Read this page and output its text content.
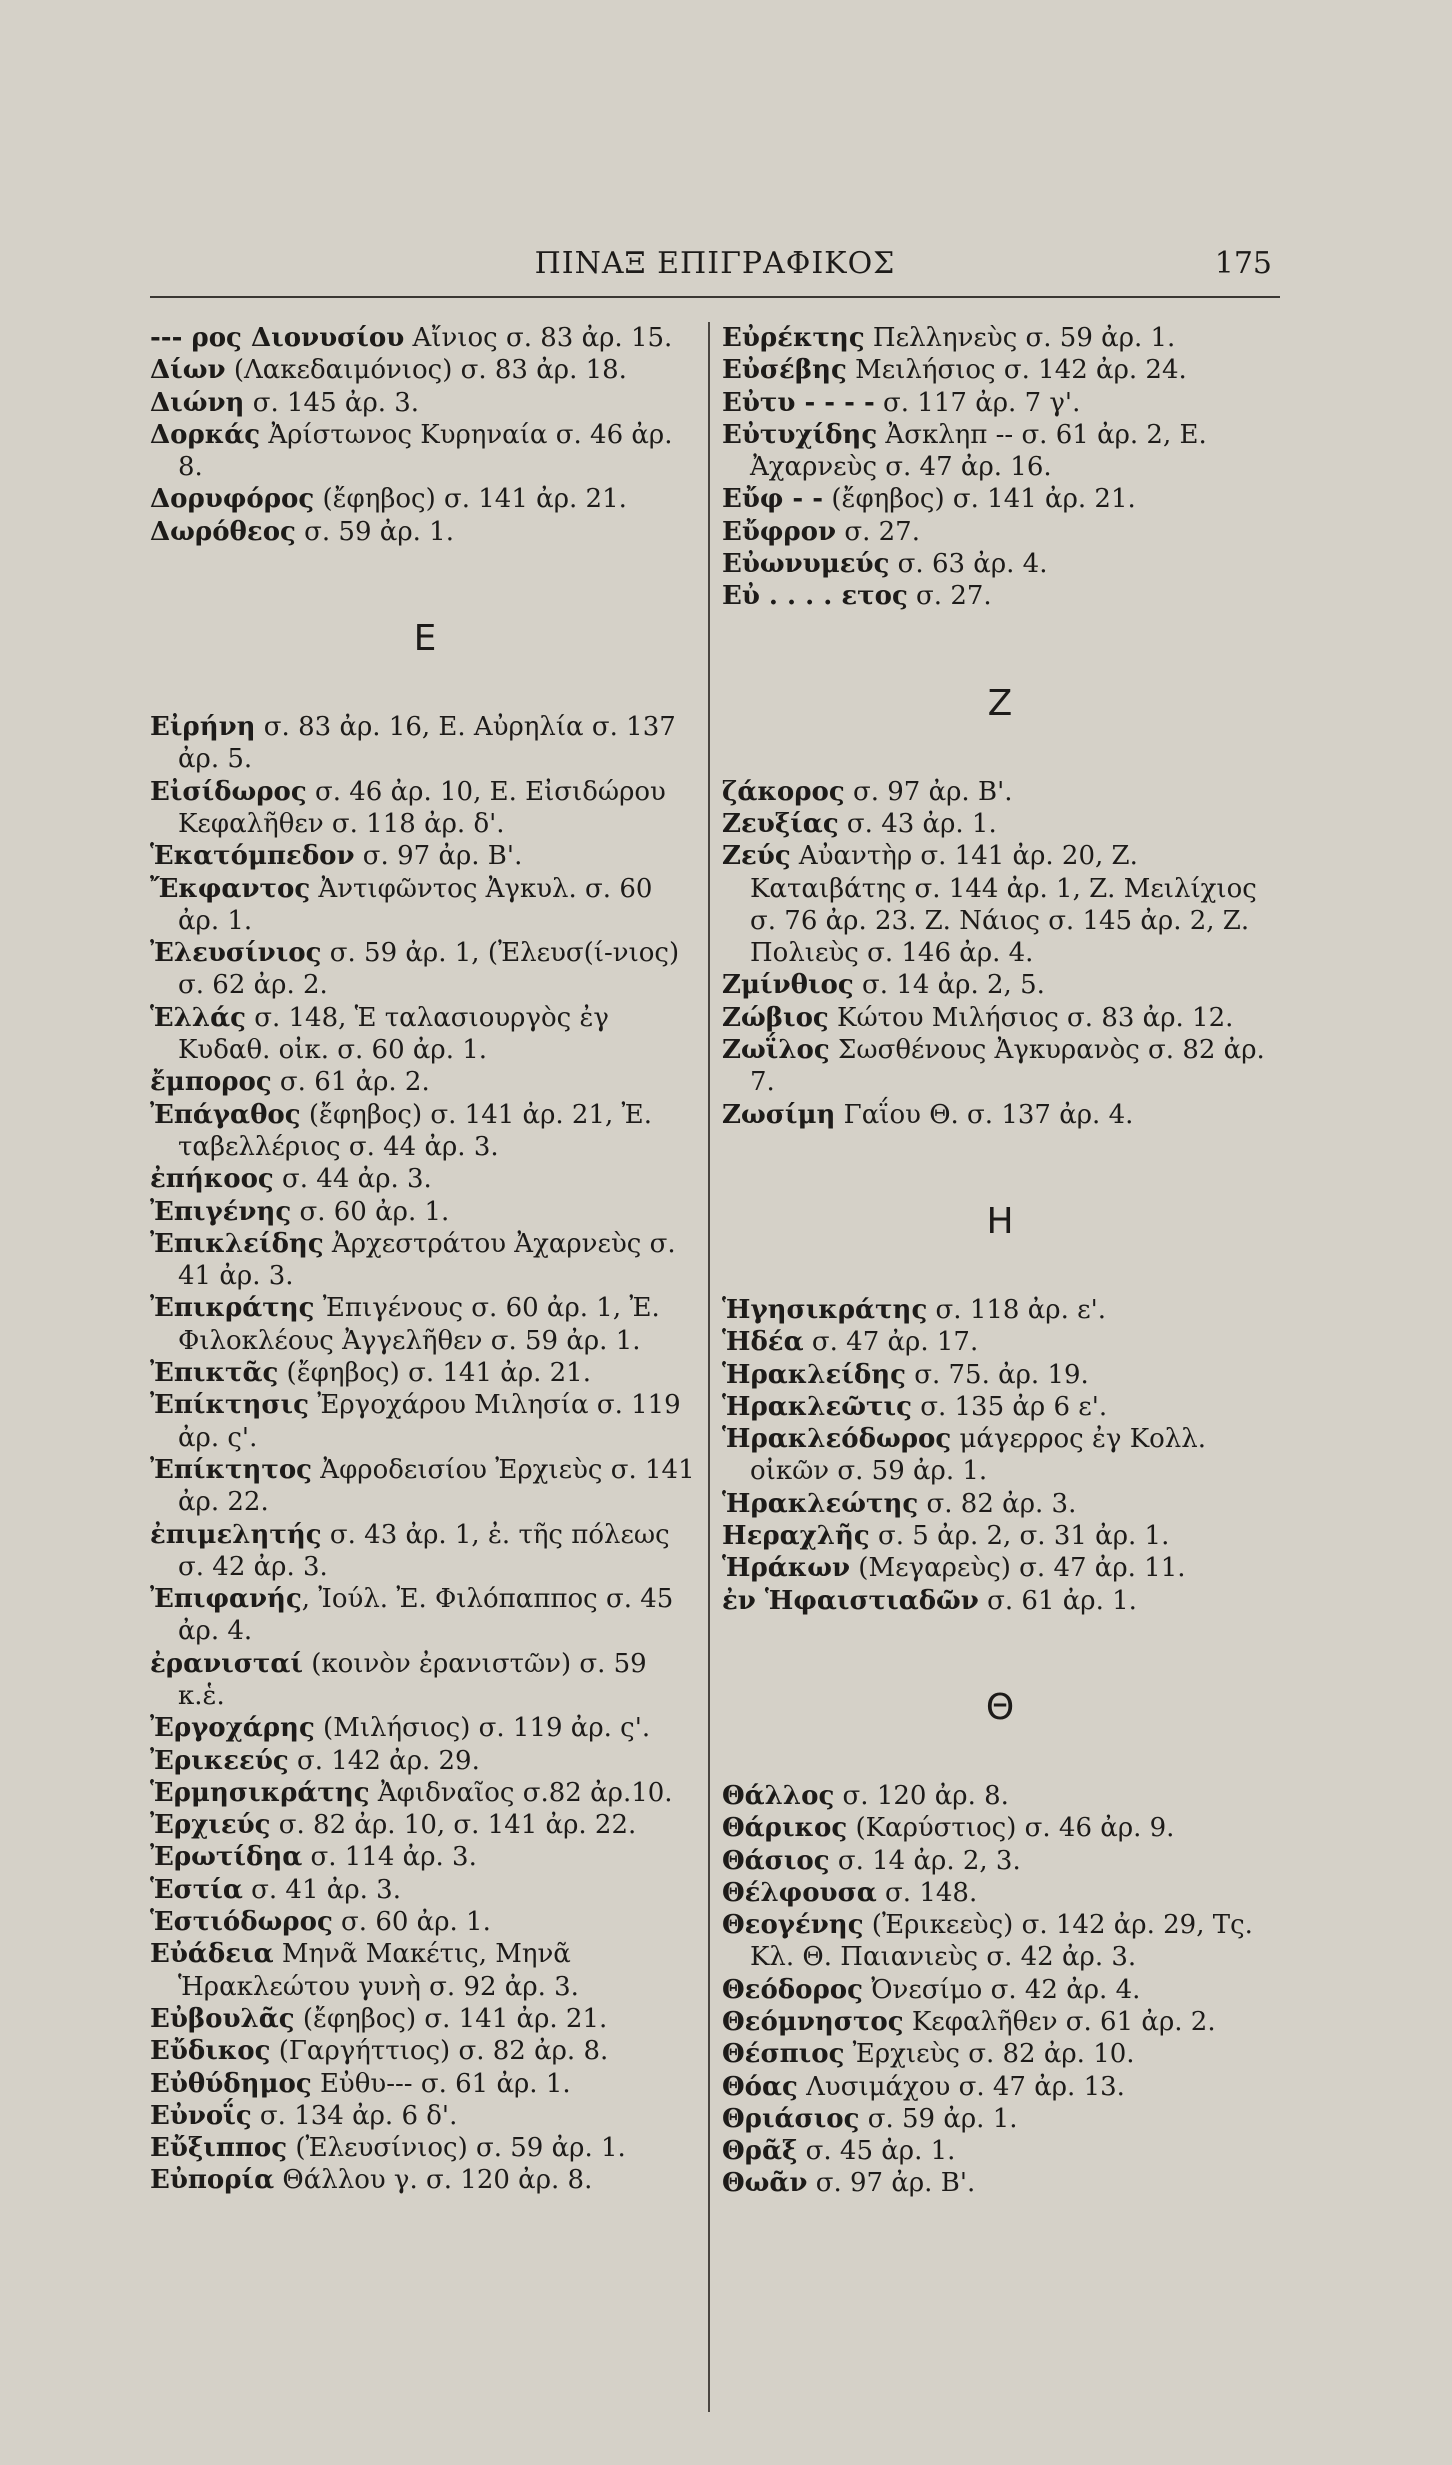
ΠΙΝΑΞ ΕΠΙΓΡΑΦΙΚΟΣ	175
--- ρος Διονυσίου Αἴνιος σ. 83 ἀρ. 15.
Δίων (Λακεδαιμόνιος) σ. 83 ἀρ. 18.
Διώνη σ. 145 ἀρ. 3.
Δορκάς Ἀρίστωνος Κυρηναία σ. 46 ἀρ. 8.
Δορυφόρος (ἔφηβος) σ. 141 ἀρ. 21.
Δωρόθεος σ. 59 ἀρ. 1.
Ε
Εἰρήνη σ. 83 ἀρ. 16, Ε. Αὐρηλία σ. 137 ἀρ. 5.
Εἰσίδωρος σ. 46 ἀρ. 10, Ε. Εἰσιδώρου Κεφαλῆθεν σ. 118 ἀρ. δ'.
Ἑκατόμπεδον σ. 97 ἀρ. Β'.
Ἔκφαντος Ἀντιφῶντος Ἀγκυλ. σ. 60 ἀρ. 1.
Ἐλευσίνιος σ. 59 ἀρ. 1, (Ἐλευσ(ί-νιος) σ. 62 ἀρ. 2.
Ἑλλάς σ. 148, Ἑ ταλασιουργὸς ἐγ Κυδαθ. οἰκ. σ. 60 ἀρ. 1.
ἔμπορος σ. 61 ἀρ. 2.
Ἐπάγαθος (ἔφηβος) σ. 141 ἀρ. 21, Ἐ. ταβελλέριος σ. 44 ἀρ. 3.
ἐπήκοος σ. 44 ἀρ. 3.
Ἐπιγένης σ. 60 ἀρ. 1.
Ἐπικλείδης Ἀρχεστράτου Ἀχαρνεὺς σ. 41 ἀρ. 3.
Ἐπικράτης Ἐπιγένους σ. 60 ἀρ. 1, Ἐ. Φιλοκλέους Ἀγγελῆθεν σ. 59 ἀρ. 1.
Ἐπικτᾶς (ἔφηβος) σ. 141 ἀρ. 21.
Ἐπίκτησις Ἐργοχάρου Μιλησία σ. 119 ἀρ. ς'.
Ἐπίκτητος Ἀφροδεισίου Ἐρχιεὺς σ. 141 ἀρ. 22.
ἐπιμελητής σ. 43 ἀρ. 1, ἐ. τῆς πόλεως σ. 42 ἀρ. 3.
Ἐπιφανής, Ἰούλ. Ἐ. Φιλόπαππος σ. 45 ἀρ. 4.
ἐρανισταί (κοινὸν ἐρανιστῶν) σ. 59 κ.ἑ.
Ἐργοχάρης (Μιλήσιος) σ. 119 ἀρ. ς'.
Ἐρικεεύς σ. 142 ἀρ. 29.
Ἑρμησικράτης Ἀφιδναῖος σ.82 ἀρ.10.
Ἐρχιεύς σ. 82 ἀρ. 10, σ. 141 ἀρ. 22.
Ἐρωτίδηα σ. 114 ἀρ. 3.
Ἑστία σ. 41 ἀρ. 3.
Ἑστιόδωρος σ. 60 ἀρ. 1.
Εὐάδεια Μηνᾶ Μακέτις, Μηνᾶ Ἡρακλεώτου γυνὴ σ. 92 ἀρ. 3.
Εὐβουλᾶς (ἔφηβος) σ. 141 ἀρ. 21.
Εὔδικος (Γαργήττιος) σ. 82 ἀρ. 8.
Εὐθύδημος Εὐθυ--- σ. 61 ἀρ. 1.
Εὐνοΐς σ. 134 ἀρ. 6 δ'.
Εὔξιππος (Ἐλευσίνιος) σ. 59 ἀρ. 1.
Εὐπορία Θάλλου γ. σ. 120 ἀρ. 8.
Εὐρέκτης Πελληνεὺς σ. 59 ἀρ. 1.
Εὐσέβης Μειλήσιος σ. 142 ἀρ. 24.
Εὐτυ - - - - σ. 117 ἀρ. 7 γ'.
Εὐτυχίδης Ἀσκληπ -- σ. 61 ἀρ. 2, Ε. Ἀχαρνεὺς σ. 47 ἀρ. 16.
Εὔφ - - (ἔφηβος) σ. 141 ἀρ. 21.
Εὔφρον σ. 27.
Εὐωνυμεύς σ. 63 ἀρ. 4.
Εὐ . . . . ετος σ. 27.
Ζ
ζάκορος σ. 97 ἀρ. Β'.
Ζευξίας σ. 43 ἀρ. 1.
Ζεύς Αὐαντὴρ σ. 141 ἀρ. 20, Ζ. Καταιβάτης σ. 144 ἀρ. 1, Ζ. Μειλίχιος σ. 76 ἀρ. 23. Ζ. Νάιος σ. 145 ἀρ. 2, Ζ. Πολιεὺς σ. 146 ἀρ. 4.
Ζμίνθιος σ. 14 ἀρ. 2, 5.
Ζώβιος Κώτου Μιλήσιος σ. 83 ἀρ. 12.
Ζωΐλος Σωσθένους Ἀγκυρανὸς σ. 82 ἀρ. 7.
Ζωσίμη Γαΐου Θ. σ. 137 ἀρ. 4.
Η
Ἡγησικράτης σ. 118 ἀρ. ε'.
Ἡδέα σ. 47 ἀρ. 17.
Ἡρακλείδης σ. 75. ἀρ. 19.
Ἡρακλεῶτις σ. 135 ἀρ 6 ε'.
Ἡρακλεόδωρος μάγερρος ἐγ Κολλ. οἰκῶν σ. 59 ἀρ. 1.
Ἡρακλεώτης σ. 82 ἀρ. 3.
Ηεραχλῆς σ. 5 ἀρ. 2, σ. 31 ἀρ. 1.
Ἡράκων (Μεγαρεὺς) σ. 47 ἀρ. 11.
ἐν Ἡφαιστιαδῶν σ. 61 ἀρ. 1.
Θ
Θάλλος σ. 120 ἀρ. 8.
Θάρικος (Καρύστιος) σ. 46 ἀρ. 9.
Θάσιος σ. 14 ἀρ. 2, 3.
Θέλφουσα σ. 148.
Θεογένης (Ἐρικεεὺς) σ. 142 ἀρ. 29, Τς. Κλ. Θ. Παιανιεὺς σ. 42 ἀρ. 3.
Θεόδορος Ὀνεσίμο σ. 42 ἀρ. 4.
Θεόμνηστος Κεφαλῆθεν σ. 61 ἀρ. 2.
Θέσπιος Ἐρχιεὺς σ. 82 ἀρ. 10.
Θόας Λυσιμάχου σ. 47 ἀρ. 13.
Θριάσιος σ. 59 ἀρ. 1.
Θρᾶξ σ. 45 ἀρ. 1.
Θωᾶν σ. 97 ἀρ. Β'.
